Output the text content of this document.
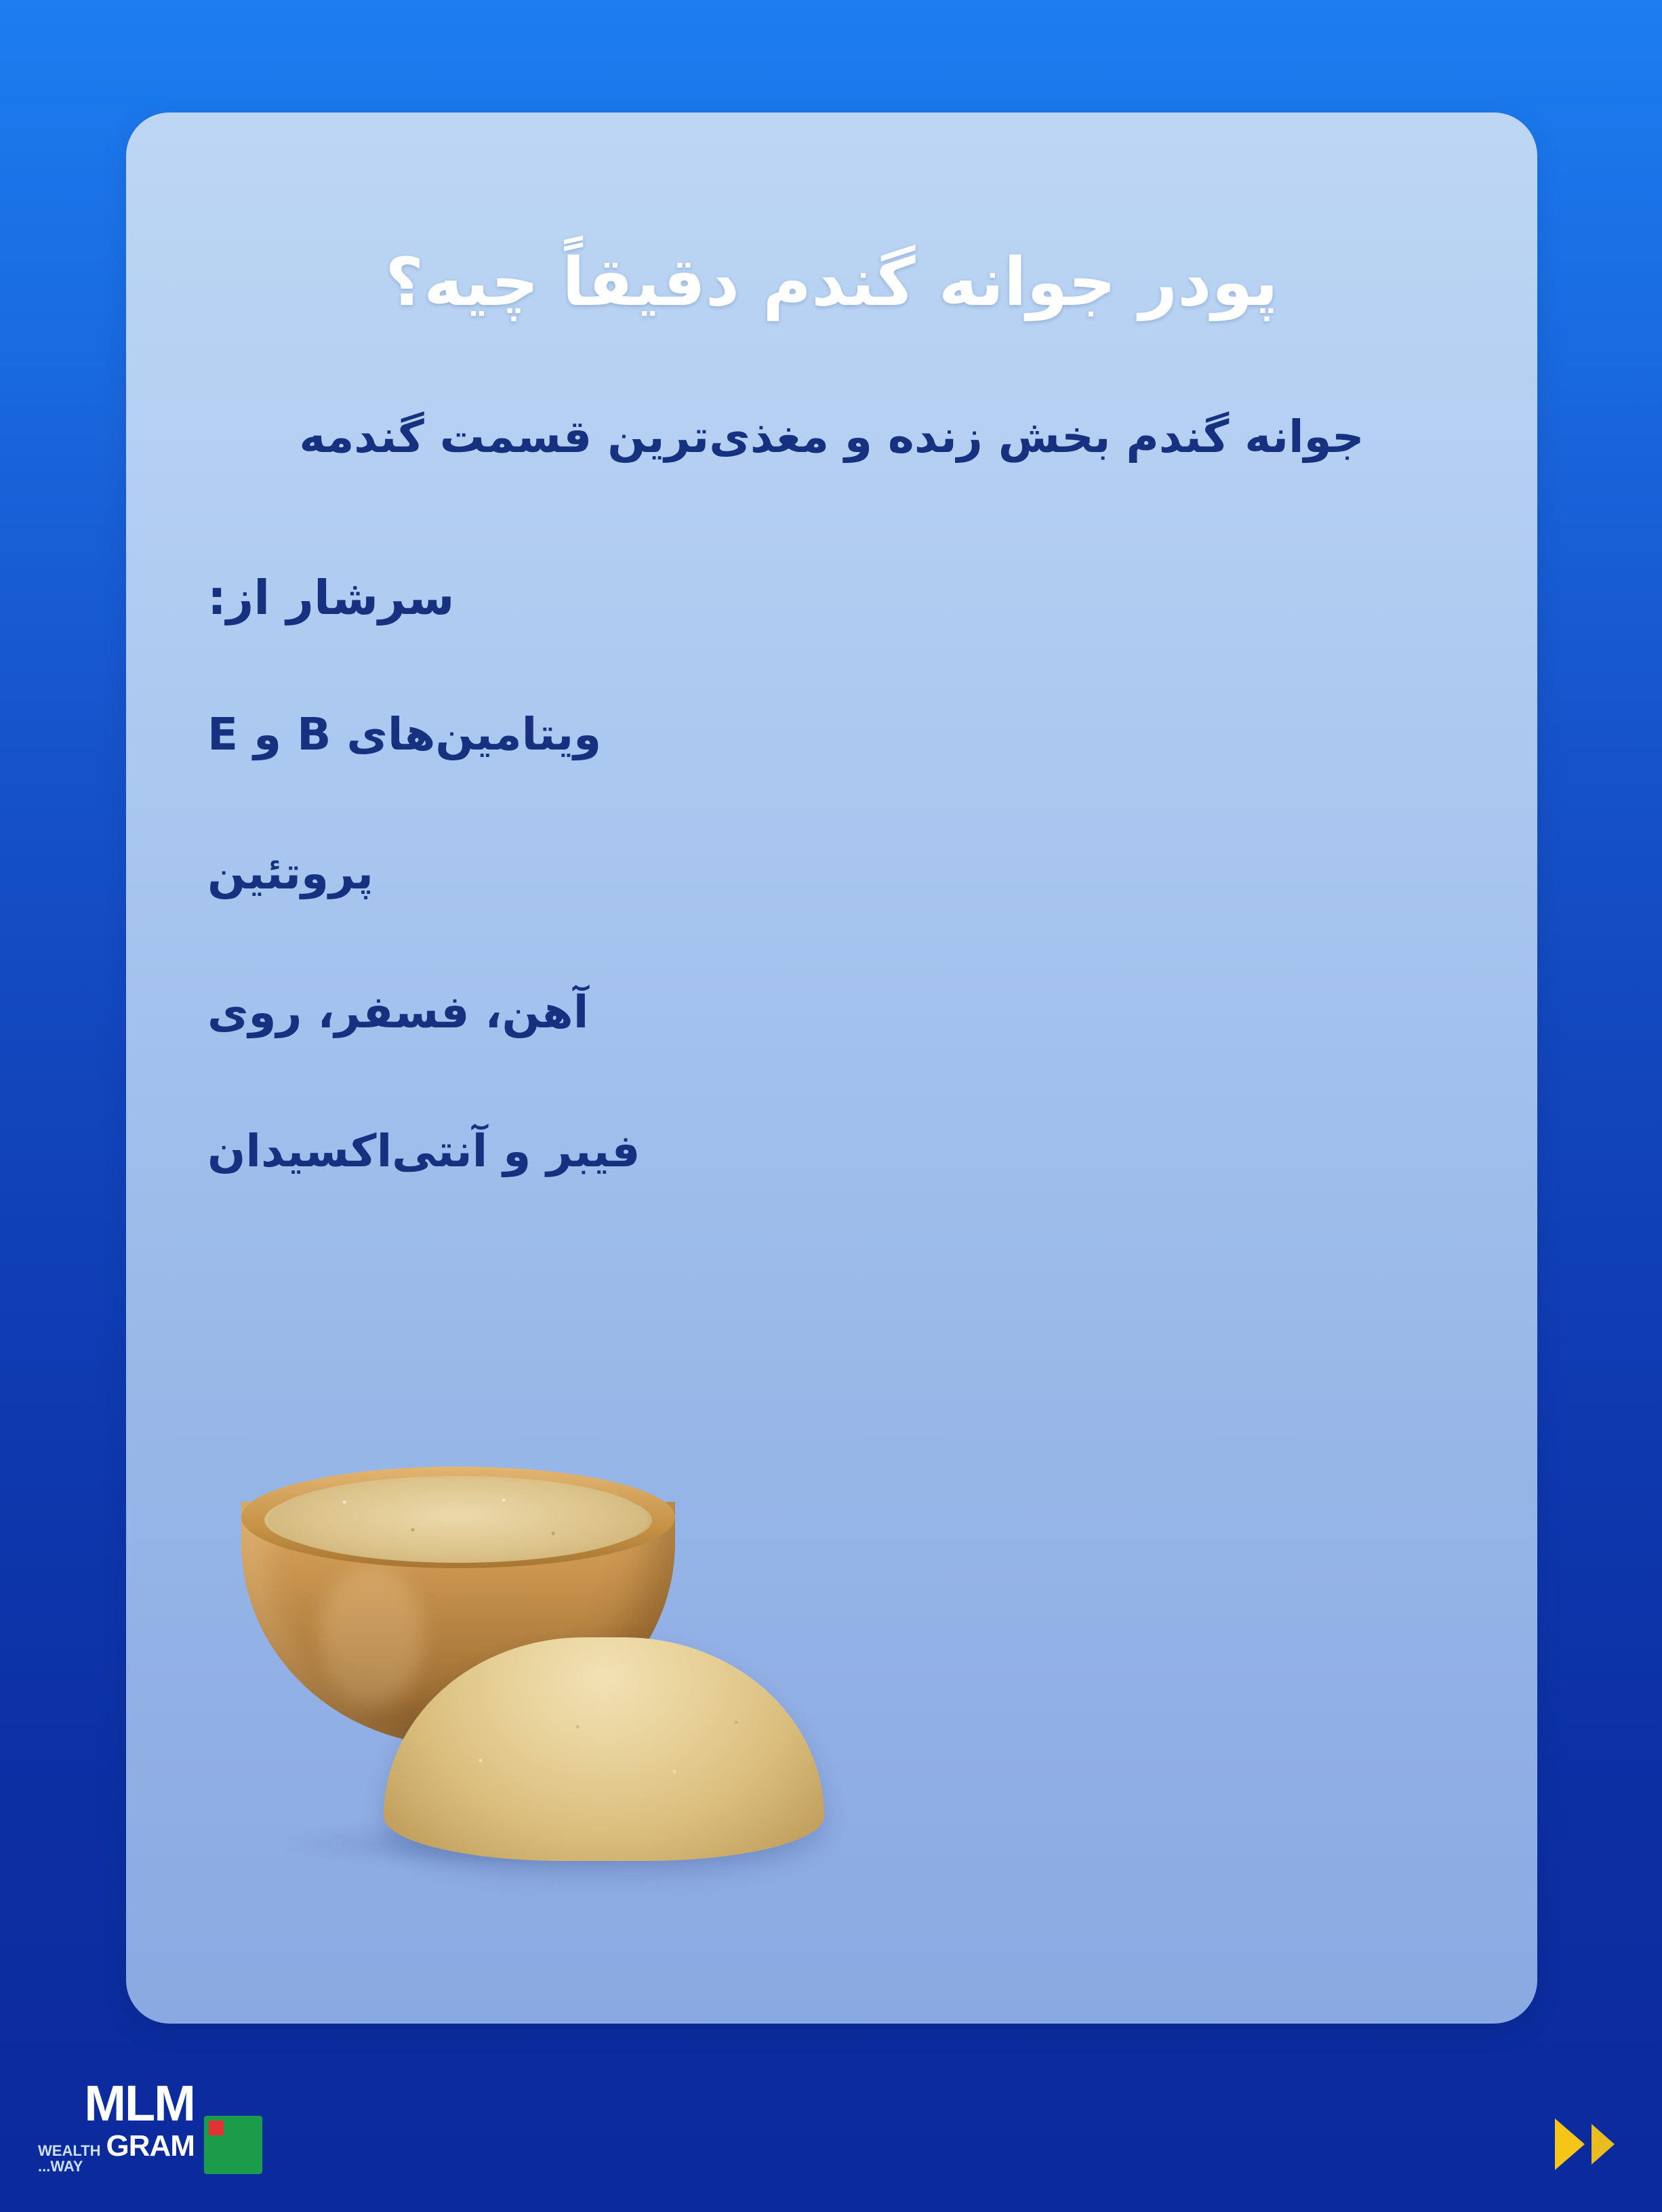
پودر جوانه گندم دقیقاً چیه؟
جوانه گندم بخش زنده و مغذی‌ترین قسمت گندمه
سرشار از:
ویتامین‌های B و E
پروتئین
آهن، فسفر، روی
فیبر و آنتی‌اکسیدان
MLM
GRAM
WEALTH
WAY...
